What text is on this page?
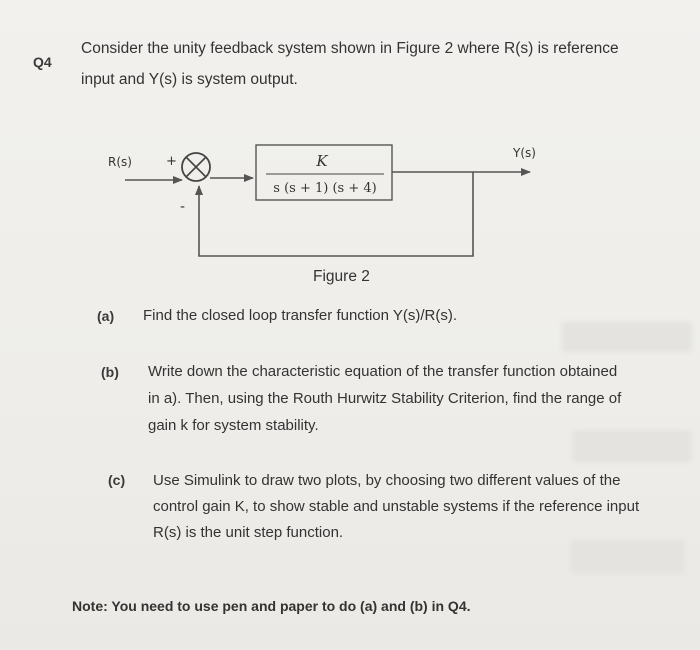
Q4
Consider the unity feedback system shown in Figure 2 where R(s) is reference
input and Y(s) is system output.
K
s (s + 1) (s + 4)
R(s)
Y(s)
+
-
Figure 2
(a) Find the closed loop transfer function Y(s)/R(s).
(b) Write down the characteristic equation of the transfer function obtained
in a). Then, using the Routh Hurwitz Stability Criterion, find the range of
gain k for system stability.
(c) Use Simulink to draw two plots, by choosing two different values of the
control gain K, to show stable and unstable systems if the reference input
R(s) is the unit step function.
Note: You need to use pen and paper to do (a) and (b) in Q4.
